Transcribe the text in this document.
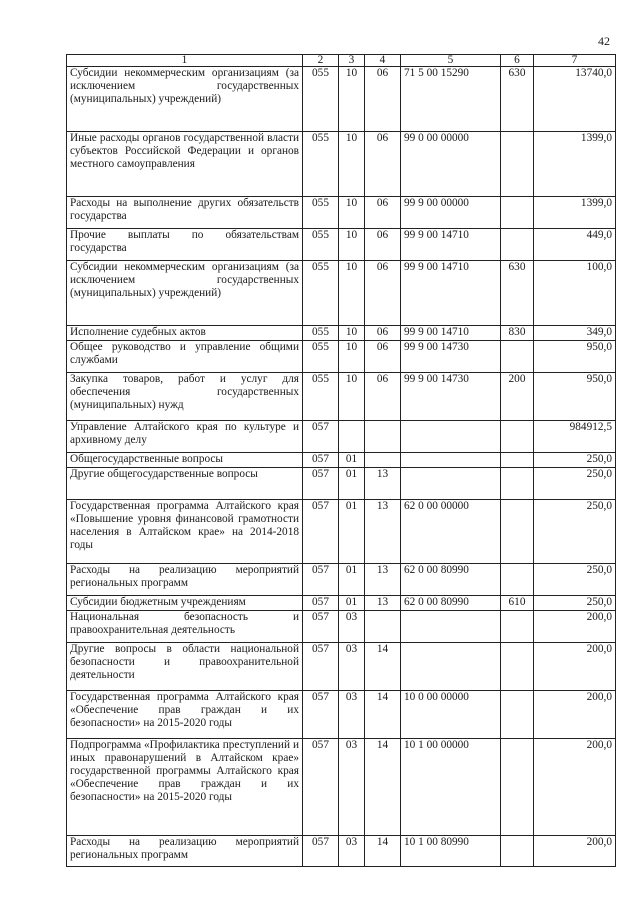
42
1	2	3	4	5	6	7
Субсидии некоммерческим организациям (за исключением государственных (муниципальных) учреждений)	055	10	06	71 5 00 15290	630	13740,0
Иные расходы органов государственной власти субъектов Российской Федерации и органов местного самоуправления	055	10	06	99 0 00 00000		1399,0
Расходы на выполнение других обязательств государства	055	10	06	99 9 00 00000		1399,0
Прочие выплаты по обязательствам государства	055	10	06	99 9 00 14710		449,0
Субсидии некоммерческим организациям (за исключением государственных (муниципальных) учреждений)	055	10	06	99 9 00 14710	630	100,0
Исполнение судебных актов	055	10	06	99 9 00 14710	830	349,0
Общее руководство и управление общими службами	055	10	06	99 9 00 14730		950,0
Закупка товаров, работ и услуг для обеспечения государственных (муниципальных) нужд	055	10	06	99 9 00 14730	200	950,0
Управление Алтайского края по культуре и архивному делу	057					984912,5
Общегосударственные вопросы	057	01				250,0
Другие общегосударственные вопросы	057	01	13			250,0
Государственная программа Алтайского края «Повышение уровня финансовой грамотности населения в Алтайском крае» на 2014-2018 годы	057	01	13	62 0 00 00000		250,0
Расходы на реализацию мероприятий региональных программ	057	01	13	62 0 00 80990		250,0
Субсидии бюджетным учреждениям	057	01	13	62 0 00 80990	610	250,0
Национальная безопасность и правоохранительная деятельность	057	03				200,0
Другие вопросы в области национальной безопасности и правоохранительной деятельности	057	03	14			200,0
Государственная программа Алтайского края «Обеспечение прав граждан и их безопасности» на 2015-2020 годы	057	03	14	10 0 00 00000		200,0
Подпрограмма «Профилактика преступлений и иных правонарушений в Алтайском крае» государственной программы Алтайского края «Обеспечение прав граждан и их безопасности» на 2015-2020 годы	057	03	14	10 1 00 00000		200,0
Расходы на реализацию мероприятий региональных программ	057	03	14	10 1 00 80990		200,0
